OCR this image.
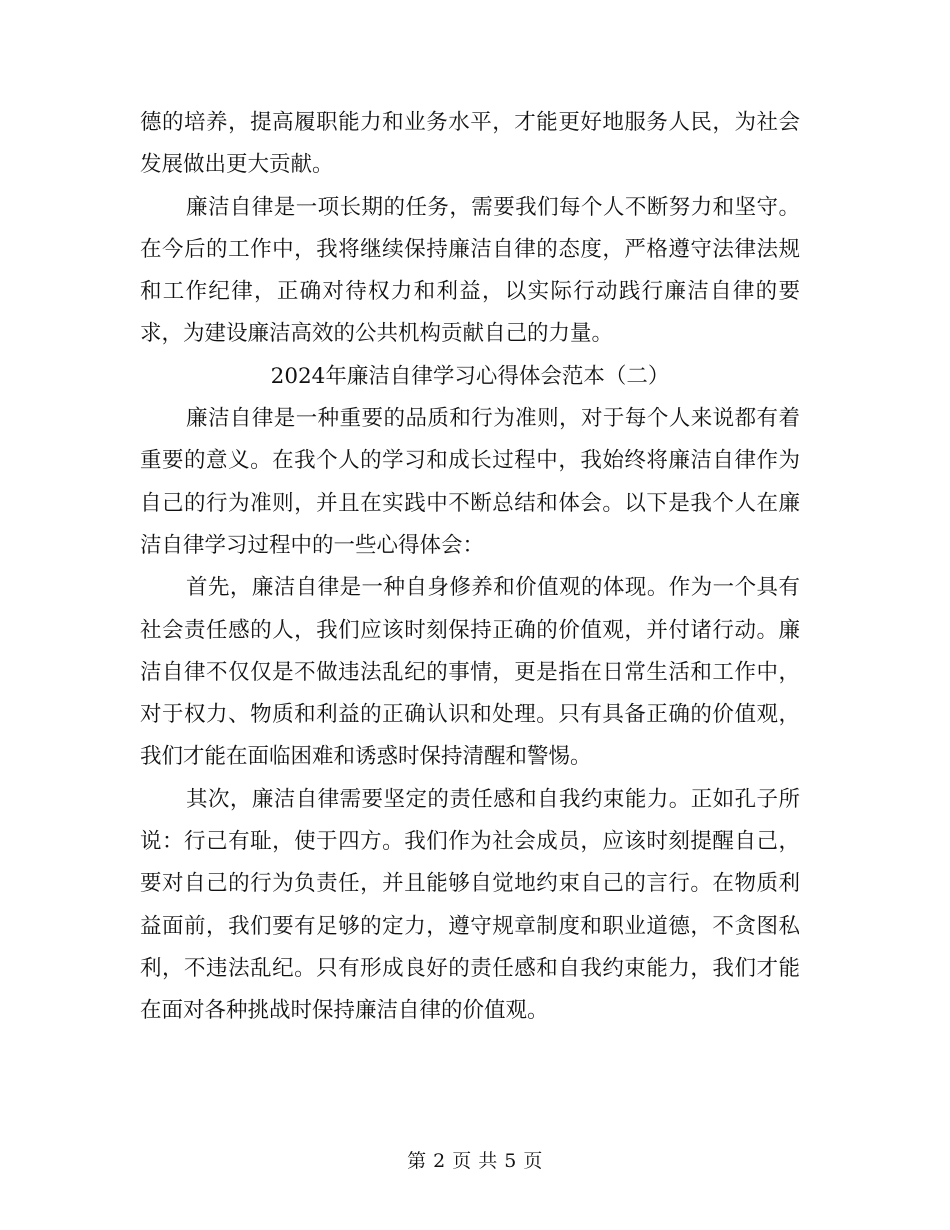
德的培养，提高履职能力和业务水平，才能更好地服务人民，为社会
发展做出更大贡献。
廉洁自律是一项长期的任务，需要我们每个人不断努力和坚守。
在今后的工作中，我将继续保持廉洁自律的态度，严格遵守法律法规
和工作纪律，正确对待权力和利益，以实际行动践行廉洁自律的要
求，为建设廉洁高效的公共机构贡献自己的力量。
2024年廉洁自律学习心得体会范本（二）
廉洁自律是一种重要的品质和行为准则，对于每个人来说都有着
重要的意义。在我个人的学习和成长过程中，我始终将廉洁自律作为
自己的行为准则，并且在实践中不断总结和体会。以下是我个人在廉
洁自律学习过程中的一些心得体会：
首先，廉洁自律是一种自身修养和价值观的体现。作为一个具有
社会责任感的人，我们应该时刻保持正确的价值观，并付诸行动。廉
洁自律不仅仅是不做违法乱纪的事情，更是指在日常生活和工作中，
对于权力、物质和利益的正确认识和处理。只有具备正确的价值观，
我们才能在面临困难和诱惑时保持清醒和警惕。
其次，廉洁自律需要坚定的责任感和自我约束能力。正如孔子所
说：行己有耻，使于四方。我们作为社会成员，应该时刻提醒自己，
要对自己的行为负责任，并且能够自觉地约束自己的言行。在物质利
益面前，我们要有足够的定力，遵守规章制度和职业道德，不贪图私
利，不违法乱纪。只有形成良好的责任感和自我约束能力，我们才能
在面对各种挑战时保持廉洁自律的价值观。
第 2 页 共 5 页
